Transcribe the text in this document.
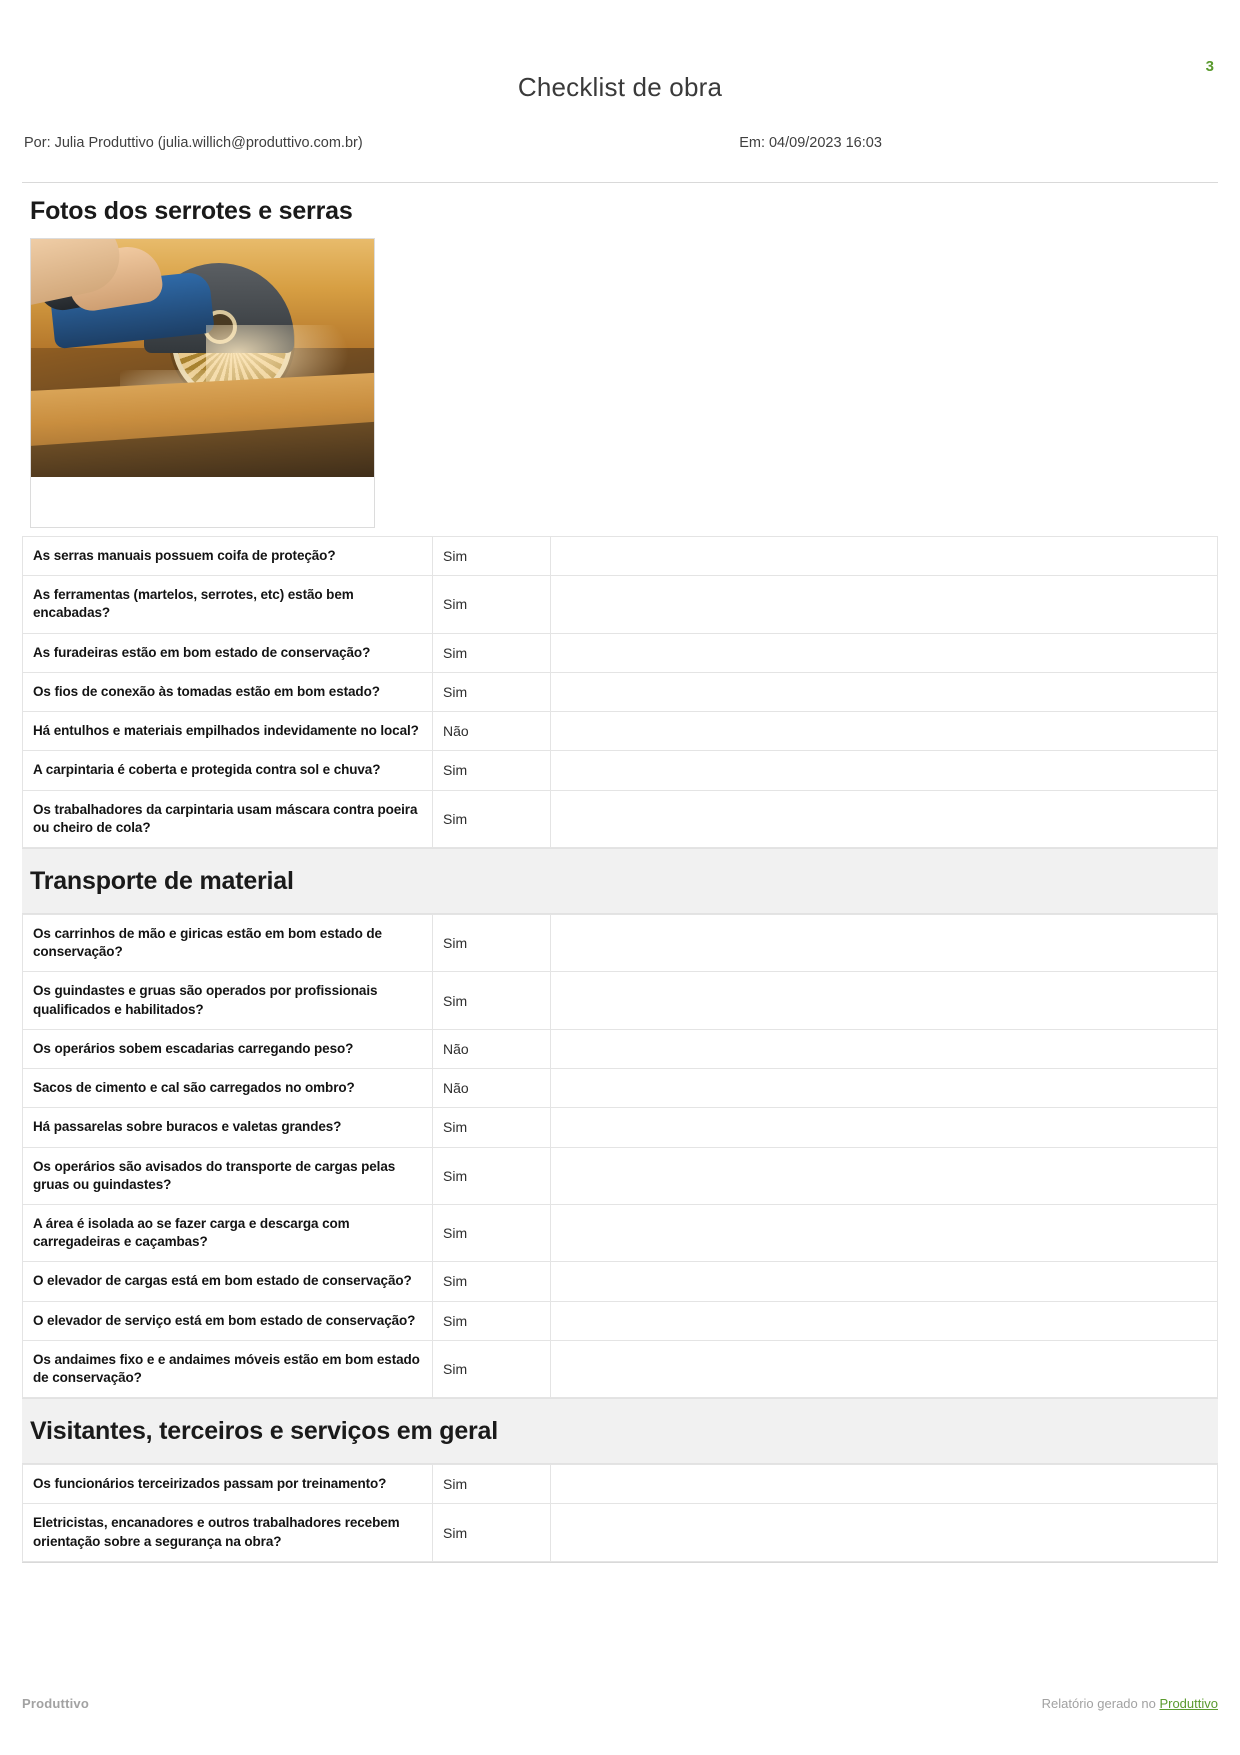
3
Checklist de obra
Por: Julia Produttivo (julia.willich@produttivo.com.br)	Em: 04/09/2023 16:03
Fotos dos serrotes e serras
As serras manuais possuem coifa de proteção?	Sim	
As ferramentas (martelos, serrotes, etc) estão bem encabadas?	Sim	
As furadeiras estão em bom estado de conservação?	Sim	
Os fios de conexão às tomadas estão em bom estado?	Sim	
Há entulhos e materiais empilhados indevidamente no local?	Não	
A carpintaria é coberta e protegida contra sol e chuva?	Sim	
Os trabalhadores da carpintaria usam máscara contra poeira ou cheiro de cola?	Sim	
Transporte de material
Os carrinhos de mão e giricas estão em bom estado de conservação?	Sim	
Os guindastes e gruas são operados por profissionais qualificados e habilitados?	Sim	
Os operários sobem escadarias carregando peso?	Não	
Sacos de cimento e cal são carregados no ombro?	Não	
Há passarelas sobre buracos e valetas grandes?	Sim	
Os operários são avisados do transporte de cargas pelas gruas ou guindastes?	Sim	
A área é isolada ao se fazer carga e descarga com carregadeiras e caçambas?	Sim	
O elevador de cargas está em bom estado de conservação?	Sim	
O elevador de serviço está em bom estado de conservação?	Sim	
Os andaimes fixo e e andaimes móveis estão em bom estado de conservação?	Sim	
Visitantes, terceiros e serviços em geral
Os funcionários terceirizados passam por treinamento?	Sim	
Eletricistas, encanadores e outros trabalhadores recebem orientação sobre a segurança na obra?	Sim	
Produttivo	Relatório gerado no Produttivo
